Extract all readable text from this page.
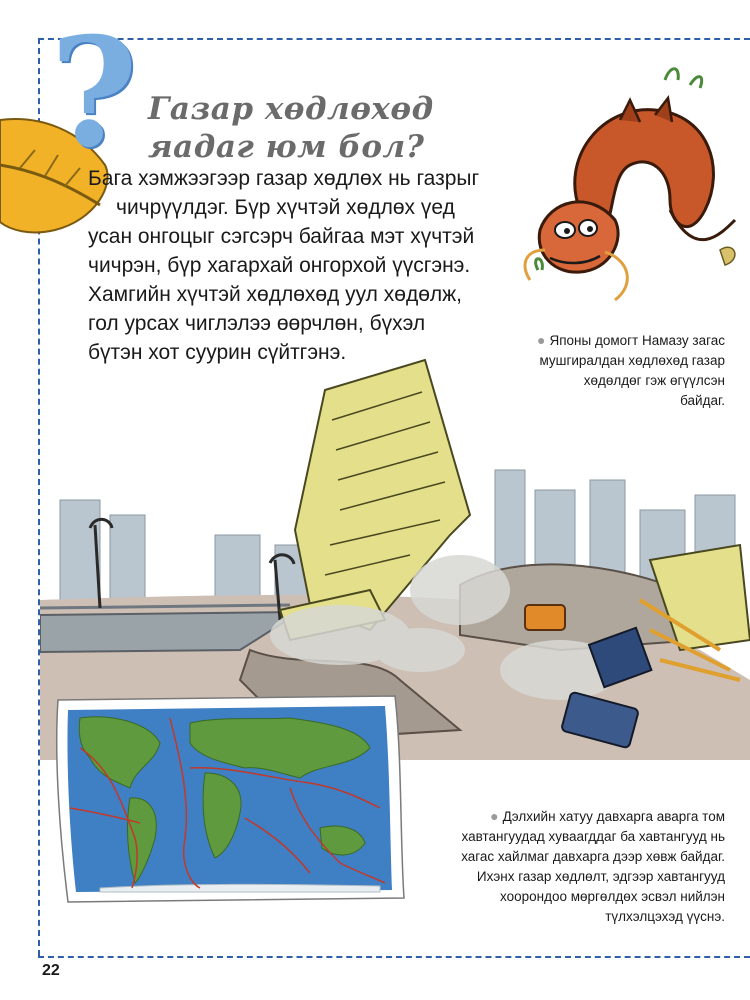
? Газар хөдлөхөд
яадаг юм бол?
Бага хэмжээгээр газар хөдлөх нь газрыг
чичрүүлдэг. Бүр хүчтэй хөдлөх үед
усан онгоцыг сэгсэрч байгаа мэт хүчтэй
чичрэн, бүр хагархай онгорхой үүсгэнэ.
Хамгийн хүчтэй хөдлөхөд уул хөдөлж,
гол урсах чиглэлээ өөрчлөн, бүхэл
бүтэн хот суурин сүйтгэнэ.
● Японы домогт Намазу загас
мушгиралдан хөдлөхөд газар
хөдөлдөг гэж өгүүлсэн
байдаг.
● Дэлхийн хатуу давхарга аварга том
хавтангуудад хуваагддаг ба хавтангууд нь
хагас хайлмаг давхарга дээр хөвж байдаг.
Ихэнх газар хөдлөлт, эдгээр хавтангууд
хоорондоо мөргөлдөх эсвэл нийлэн
түлхэлцэхэд үүснэ.
22
